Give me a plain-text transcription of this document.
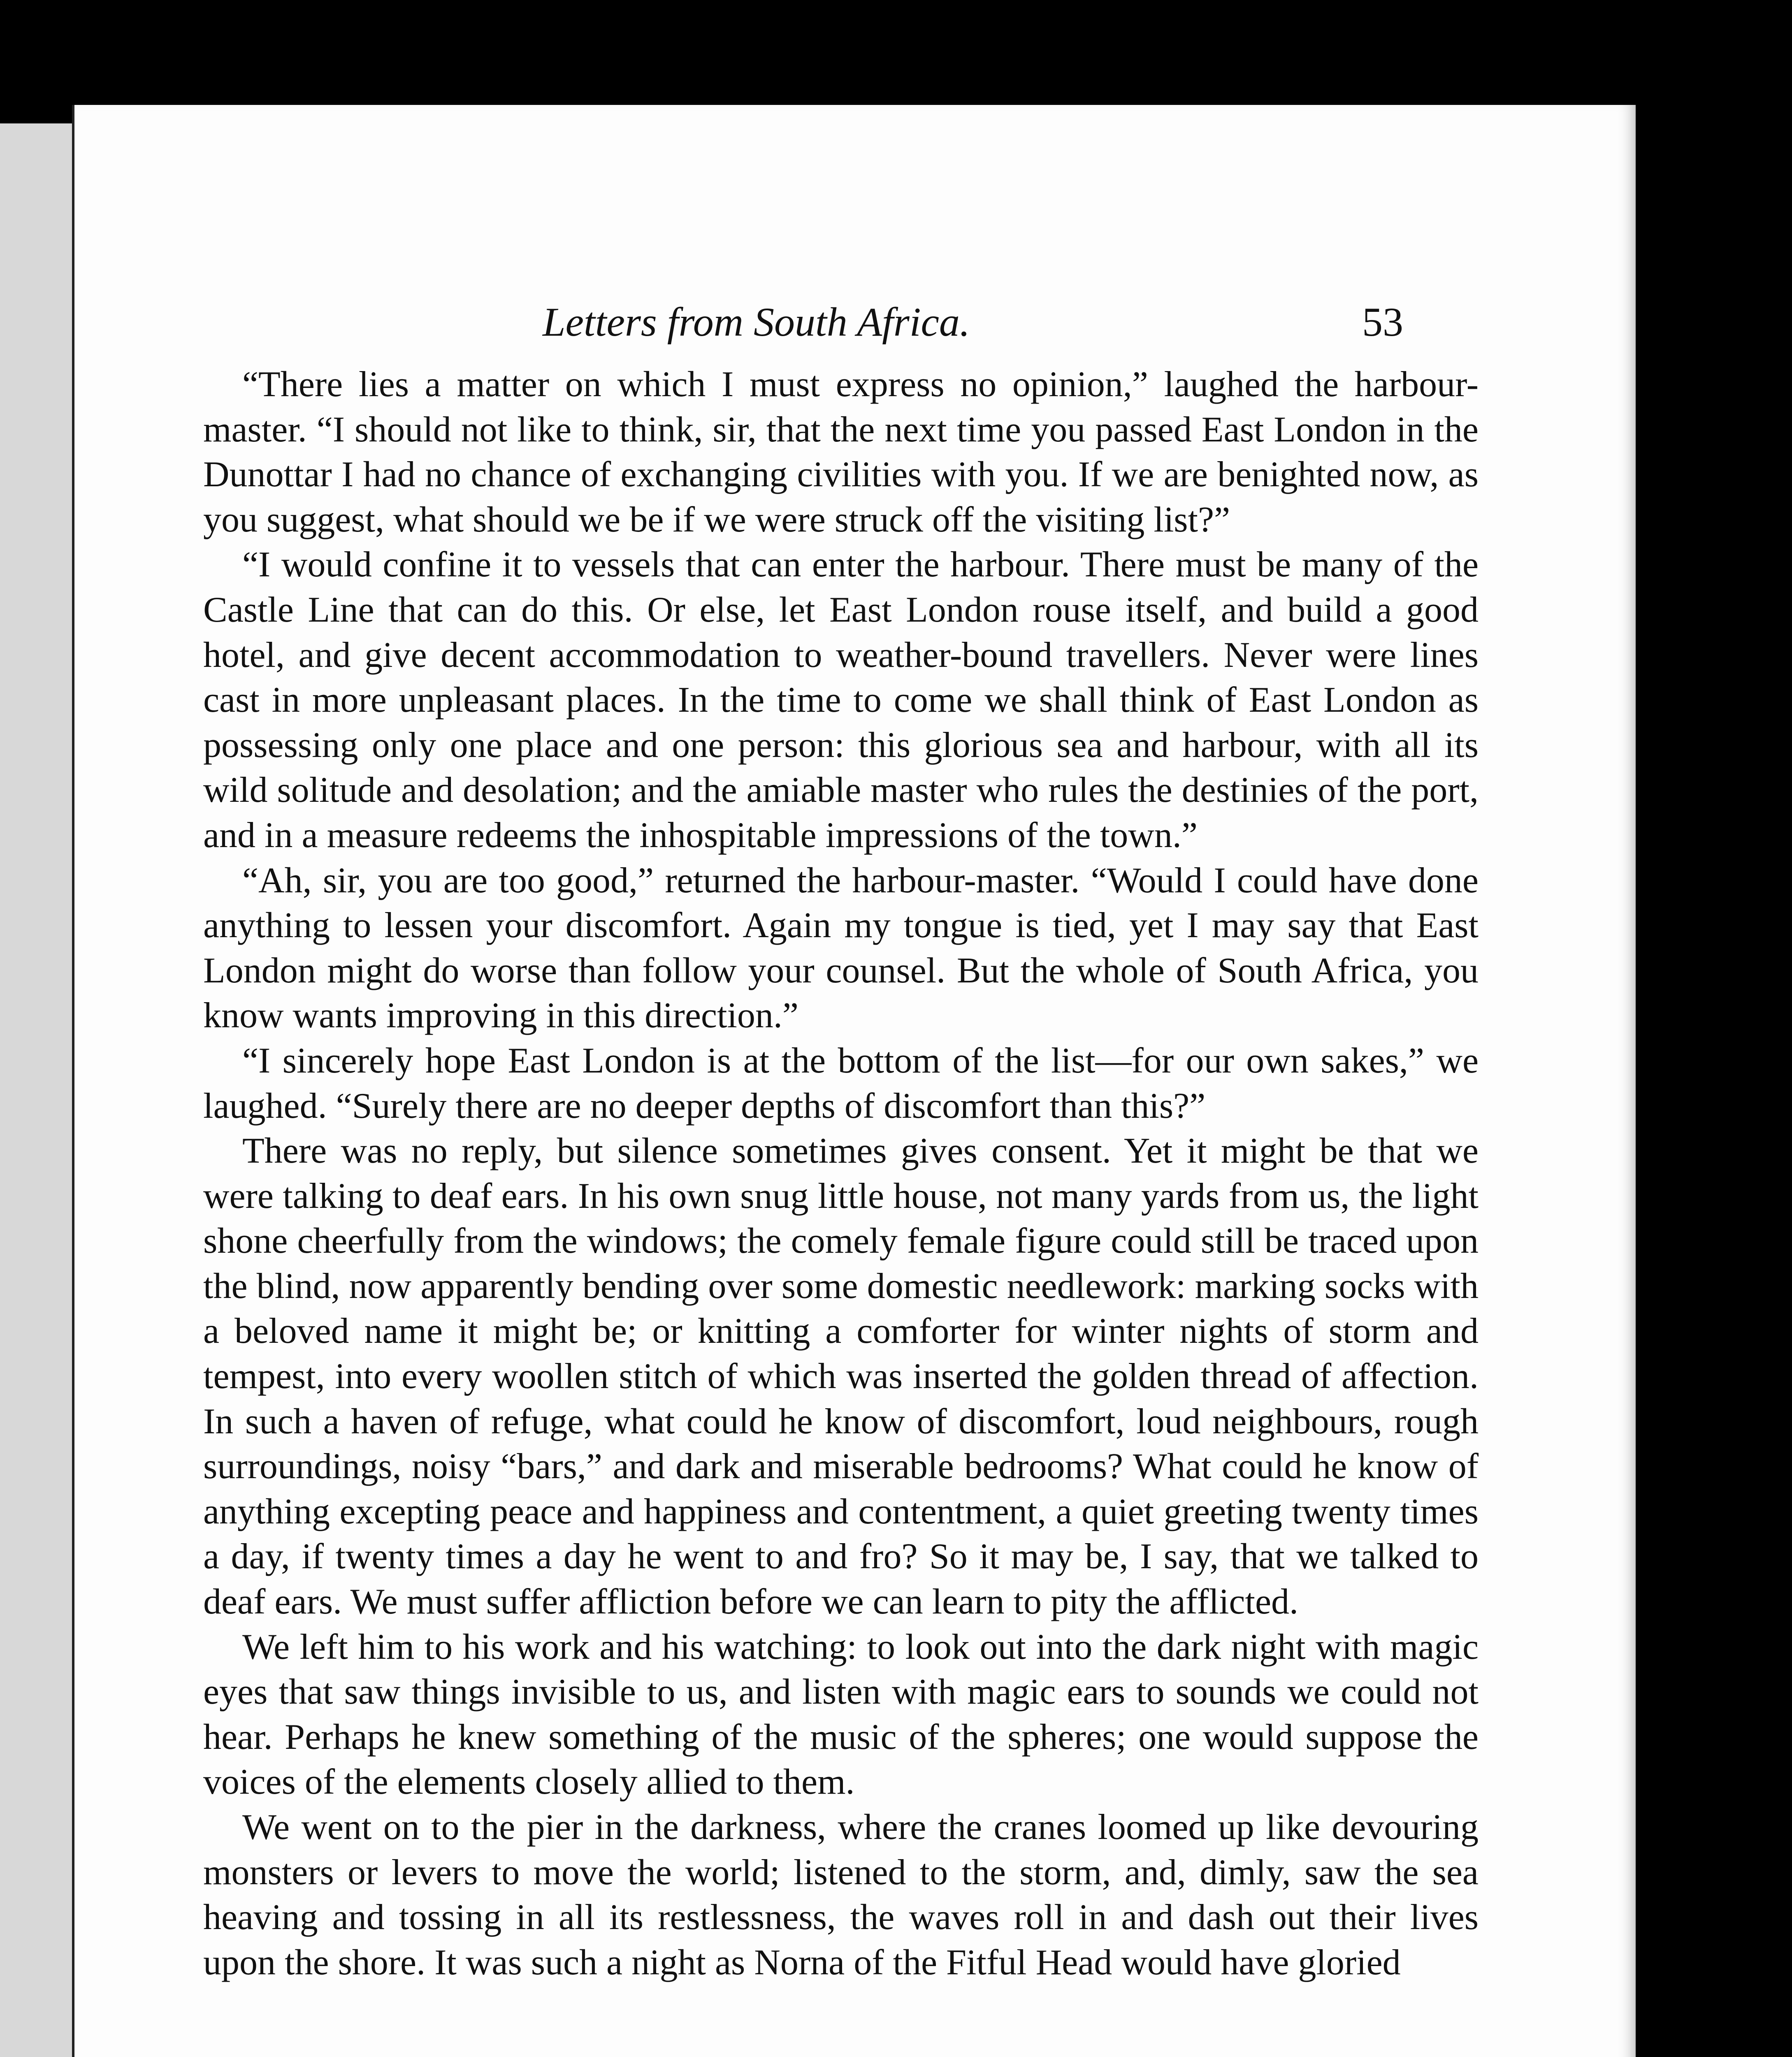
Letters from South Africa.	53

“There lies a matter on which I must express no opinion,” laughed the harbour-master. “I should not like to think, sir, that the next time you passed East London in the Dunottar I had no chance of exchanging civilities with you. If we are benighted now, as you suggest, what should we be if we were struck off the visiting list?”

“I would confine it to vessels that can enter the harbour. There must be many of the Castle Line that can do this. Or else, let East London rouse itself, and build a good hotel, and give decent accommodation to weather-bound travellers. Never were lines cast in more unpleasant places. In the time to come we shall think of East London as possessing only one place and one person: this glorious sea and harbour, with all its wild solitude and desolation; and the amiable master who rules the destinies of the port, and in a measure redeems the inhospitable impressions of the town.”

“Ah, sir, you are too good,” returned the harbour-master. “Would I could have done anything to lessen your discomfort. Again my tongue is tied, yet I may say that East London might do worse than follow your counsel. But the whole of South Africa, you know wants improving in this direction.”

“I sincerely hope East London is at the bottom of the list—for our own sakes,” we laughed. “Surely there are no deeper depths of discomfort than this?”

There was no reply, but silence sometimes gives consent. Yet it might be that we were talking to deaf ears. In his own snug little house, not many yards from us, the light shone cheerfully from the windows; the comely female figure could still be traced upon the blind, now apparently bending over some domestic needlework: marking socks with a beloved name it might be; or knitting a comforter for winter nights of storm and tempest, into every woollen stitch of which was inserted the golden thread of affection. In such a haven of refuge, what could he know of discomfort, loud neighbours, rough surroundings, noisy “bars,” and dark and miserable bedrooms? What could he know of anything excepting peace and happiness and contentment, a quiet greeting twenty times a day, if twenty times a day he went to and fro? So it may be, I say, that we talked to deaf ears. We must suffer affliction before we can learn to pity the afflicted.

We left him to his work and his watching: to look out into the dark night with magic eyes that saw things invisible to us, and listen with magic ears to sounds we could not hear. Perhaps he knew something of the music of the spheres; one would suppose the voices of the elements closely allied to them.

We went on to the pier in the darkness, where the cranes loomed up like devouring monsters or levers to move the world; listened to the storm, and, dimly, saw the sea heaving and tossing in all its restlessness, the waves roll in and dash out their lives upon the shore. It was such a night as Norna of the Fitful Head would have gloried
